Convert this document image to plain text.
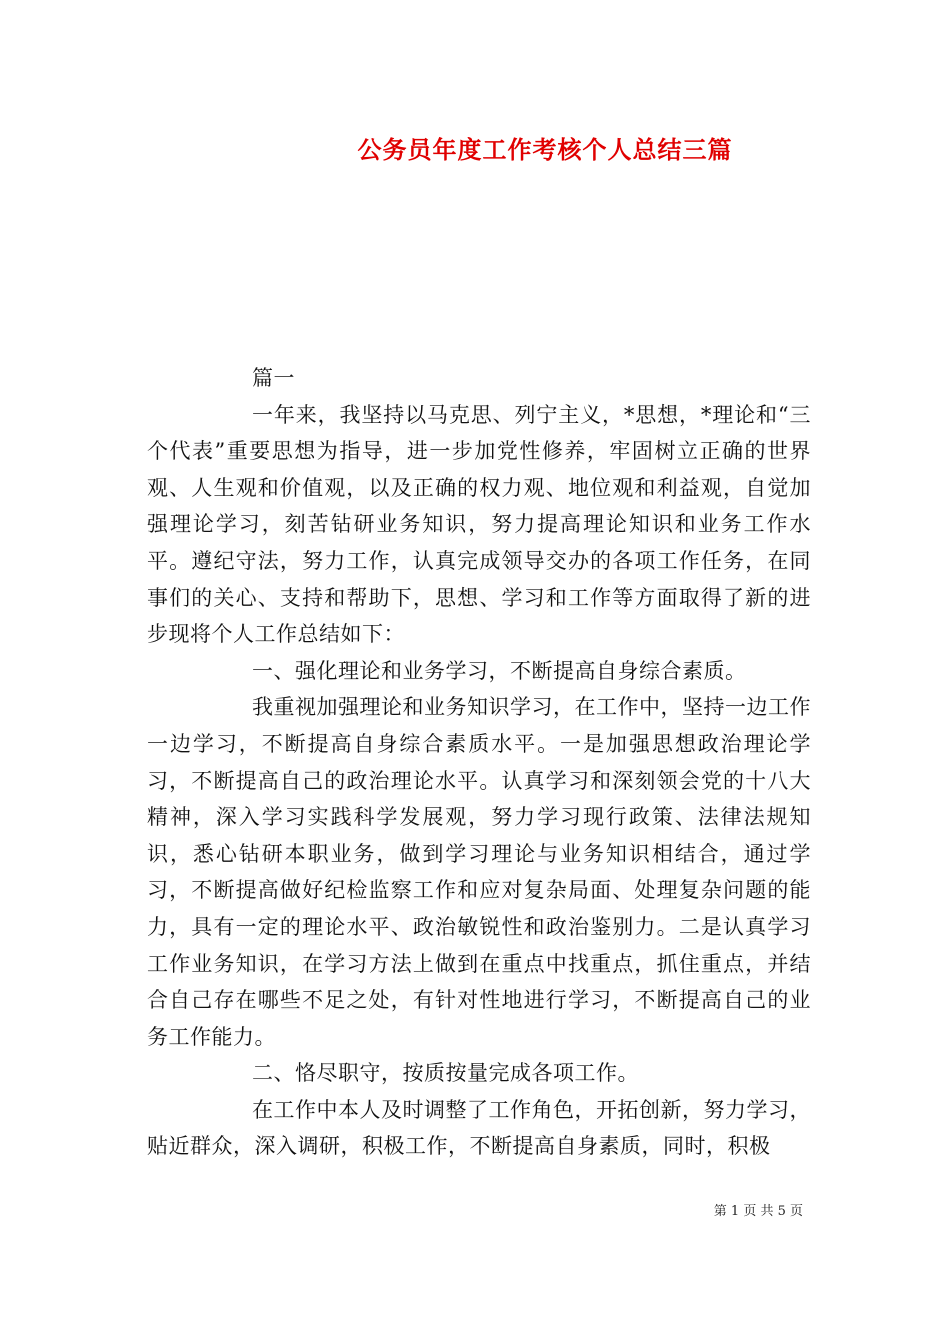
公务员年度工作考核个人总结三篇

篇一

一年来，我坚持以马克思、列宁主义，*思想，*理论和“三个代表”重要思想为指导，进一步加党性修养，牢固树立正确的世界观、人生观和价值观，以及正确的权力观、地位观和利益观，自觉加强理论学习，刻苦钻研业务知识，努力提高理论知识和业务工作水平。遵纪守法，努力工作，认真完成领导交办的各项工作任务，在同事们的关心、支持和帮助下，思想、学习和工作等方面取得了新的进步现将个人工作总结如下：

一、强化理论和业务学习，不断提高自身综合素质。

我重视加强理论和业务知识学习，在工作中，坚持一边工作一边学习，不断提高自身综合素质水平。一是加强思想政治理论学习，不断提高自己的政治理论水平。认真学习和深刻领会党的十八大精神，深入学习实践科学发展观，努力学习现行政策、法律法规知识，悉心钻研本职业务，做到学习理论与业务知识相结合，通过学习，不断提高做好纪检监察工作和应对复杂局面、处理复杂问题的能力，具有一定的理论水平、政治敏锐性和政治鉴别力。二是认真学习工作业务知识，在学习方法上做到在重点中找重点，抓住重点，并结合自己存在哪些不足之处，有针对性地进行学习，不断提高自己的业务工作能力。

二、恪尽职守，按质按量完成各项工作。

在工作中本人及时调整了工作角色，开拓创新，努力学习，贴近群众，深入调研，积极工作，不断提高自身素质，同时，积极

第 1 页 共 5 页
